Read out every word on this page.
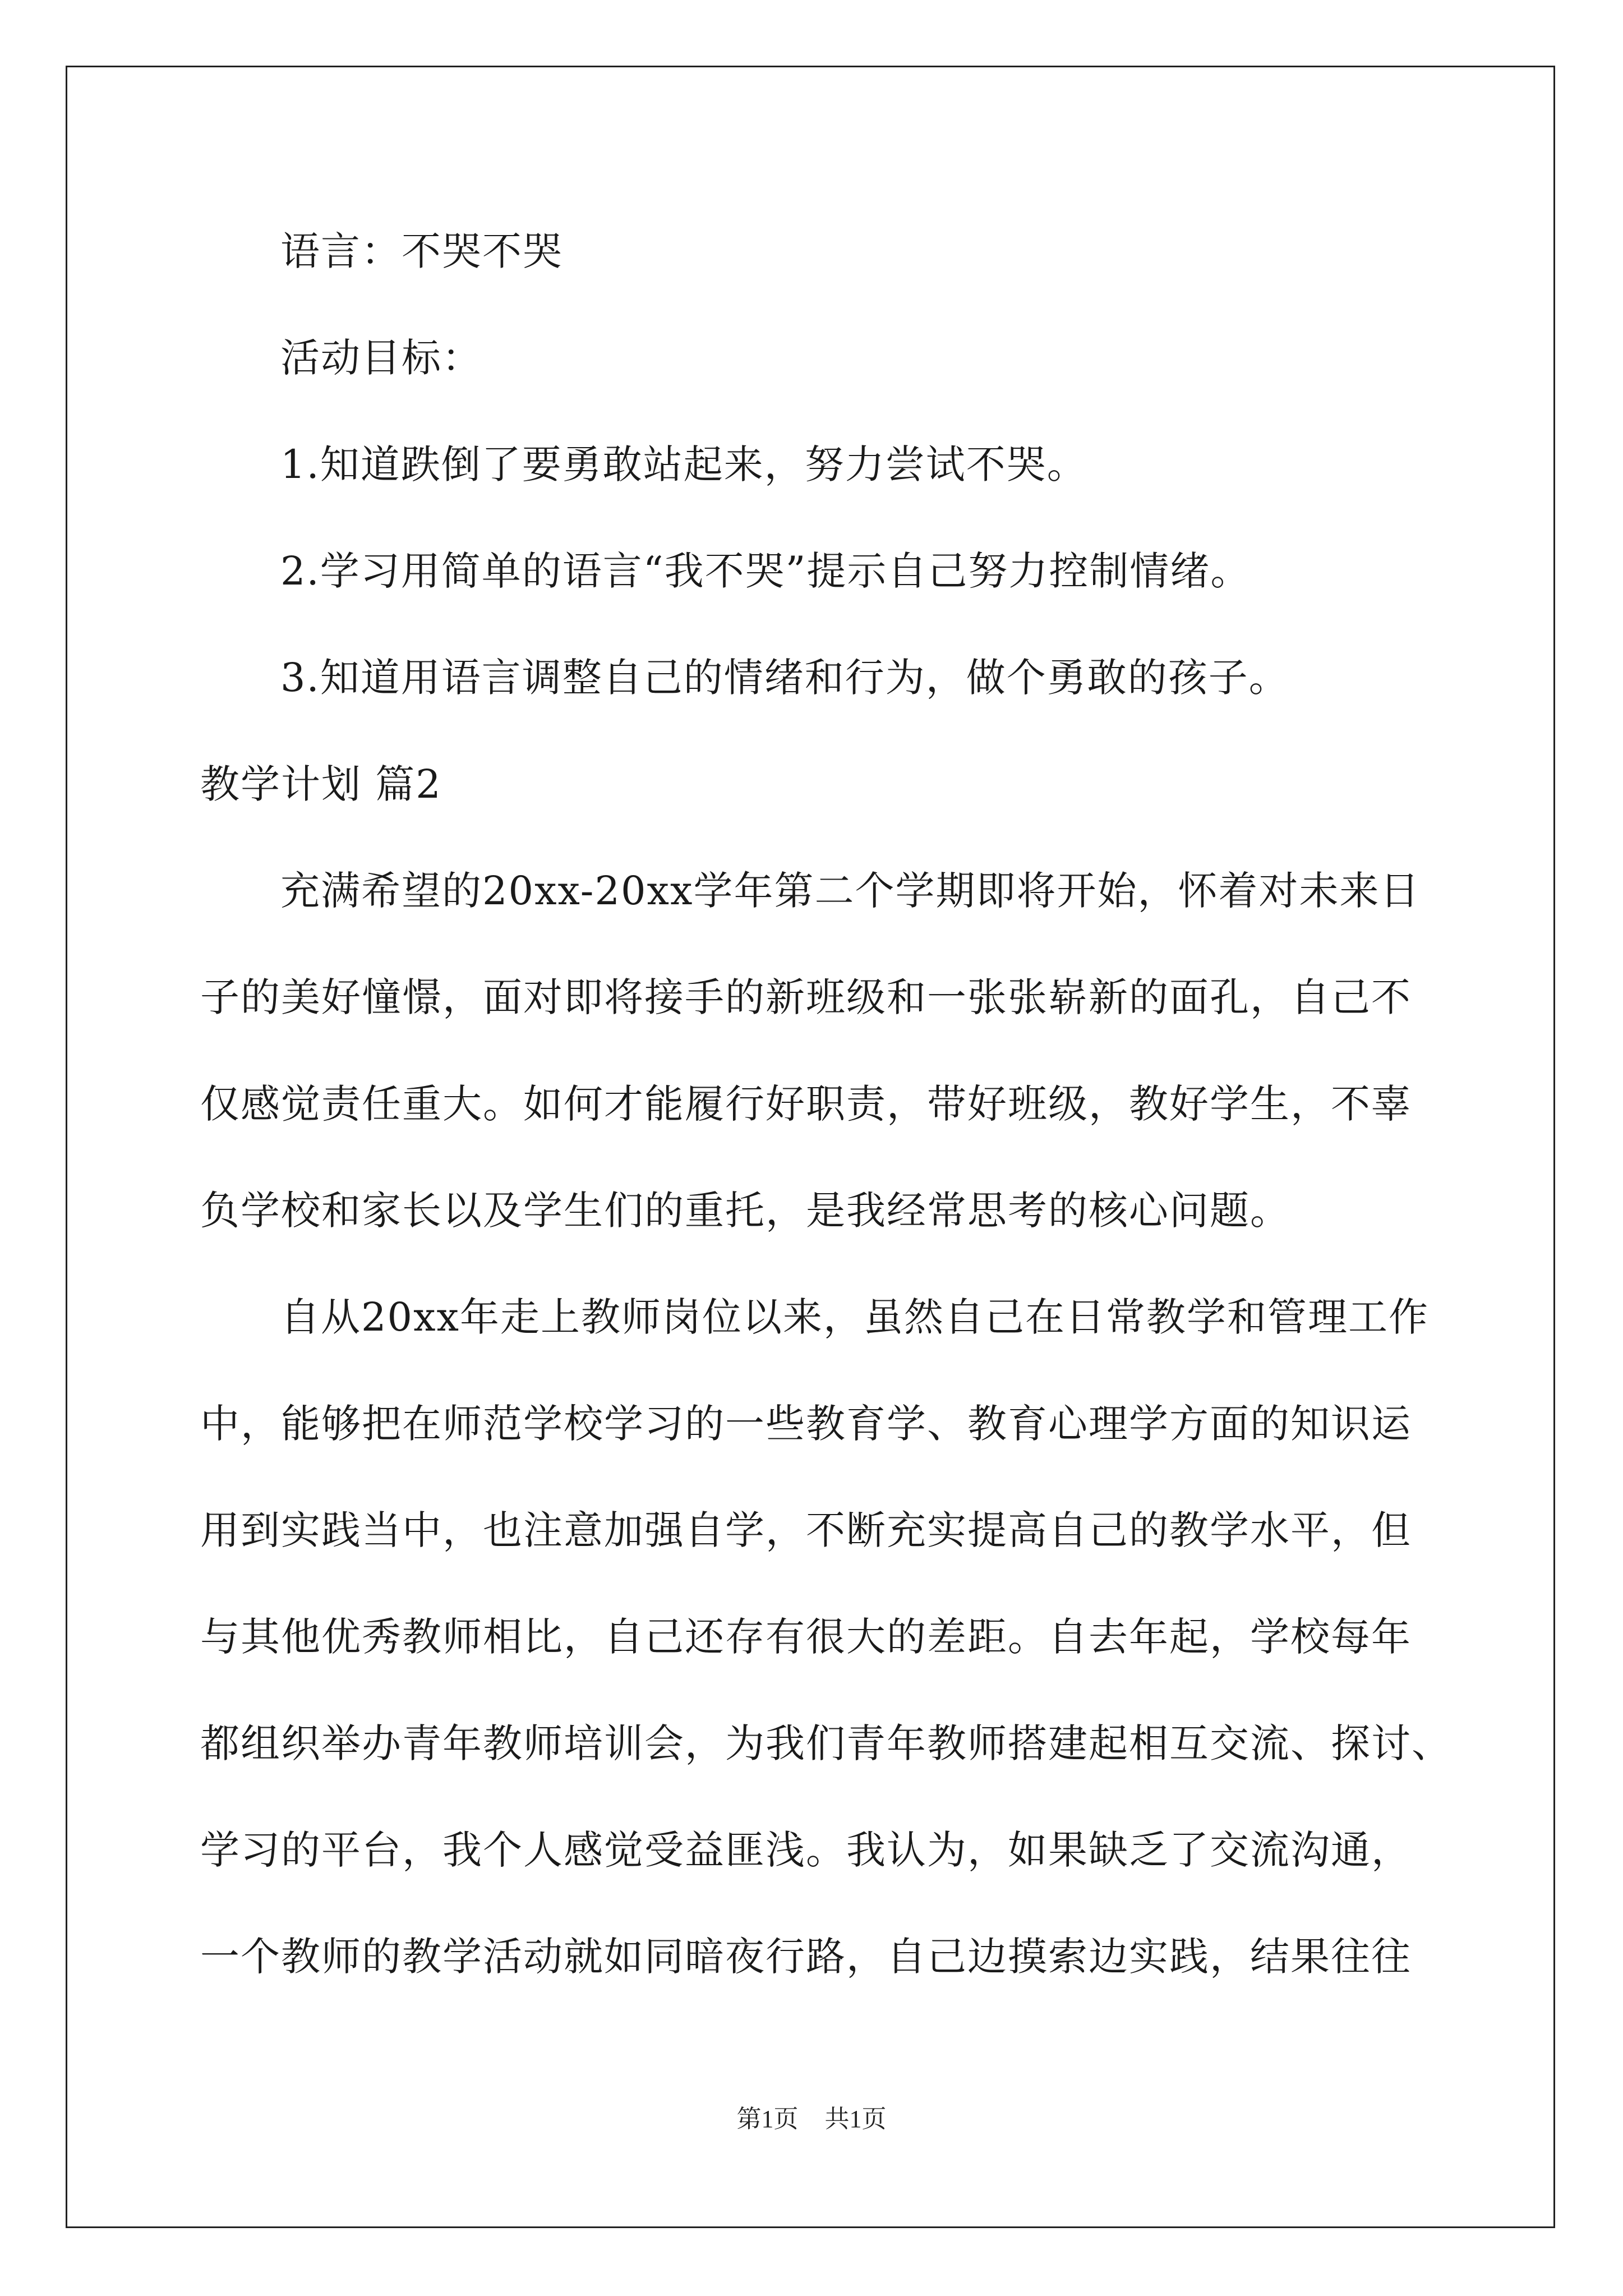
语言：不哭不哭
活动目标：
1.知道跌倒了要勇敢站起来，努力尝试不哭。
2.学习用简单的语言“我不哭”提示自己努力控制情绪。
3.知道用语言调整自己的情绪和行为，做个勇敢的孩子。
教学计划 篇2
充满希望的20xx-20xx学年第二个学期即将开始，怀着对未来日
子的美好憧憬，面对即将接手的新班级和一张张崭新的面孔，自己不
仅感觉责任重大。如何才能履行好职责，带好班级，教好学生，不辜
负学校和家长以及学生们的重托，是我经常思考的核心问题。
自从20xx年走上教师岗位以来，虽然自己在日常教学和管理工作
中，能够把在师范学校学习的一些教育学、教育心理学方面的知识运
用到实践当中，也注意加强自学，不断充实提高自己的教学水平，但
与其他优秀教师相比，自己还存有很大的差距。自去年起，学校每年
都组织举办青年教师培训会，为我们青年教师搭建起相互交流、探讨、
学习的平台，我个人感觉受益匪浅。我认为，如果缺乏了交流沟通，
一个教师的教学活动就如同暗夜行路，自己边摸索边实践，结果往往
第1页 共1页
